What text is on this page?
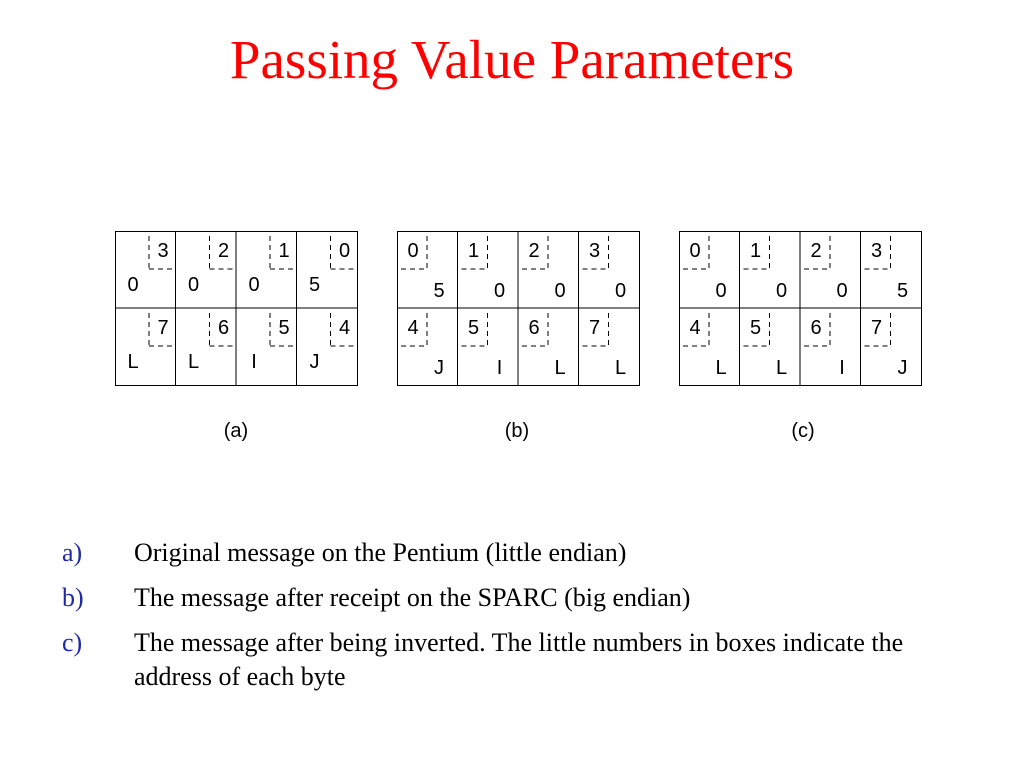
Passing Value Parameters
3
0
2
0
1
0
0
5
7
L
6
L
5
I
4
J
0
5
1
0
2
0
3
0
4
J
5
I
6
L
7
L
0
0
1
0
2
0
3
5
4
L
5
L
6
I
7
J
(a)	(b)	(c)
a) Original message on the Pentium (little endian)
b) The message after receipt on the SPARC (big endian)
c) The message after being inverted. The little numbers in boxes indicate the address of each byte
